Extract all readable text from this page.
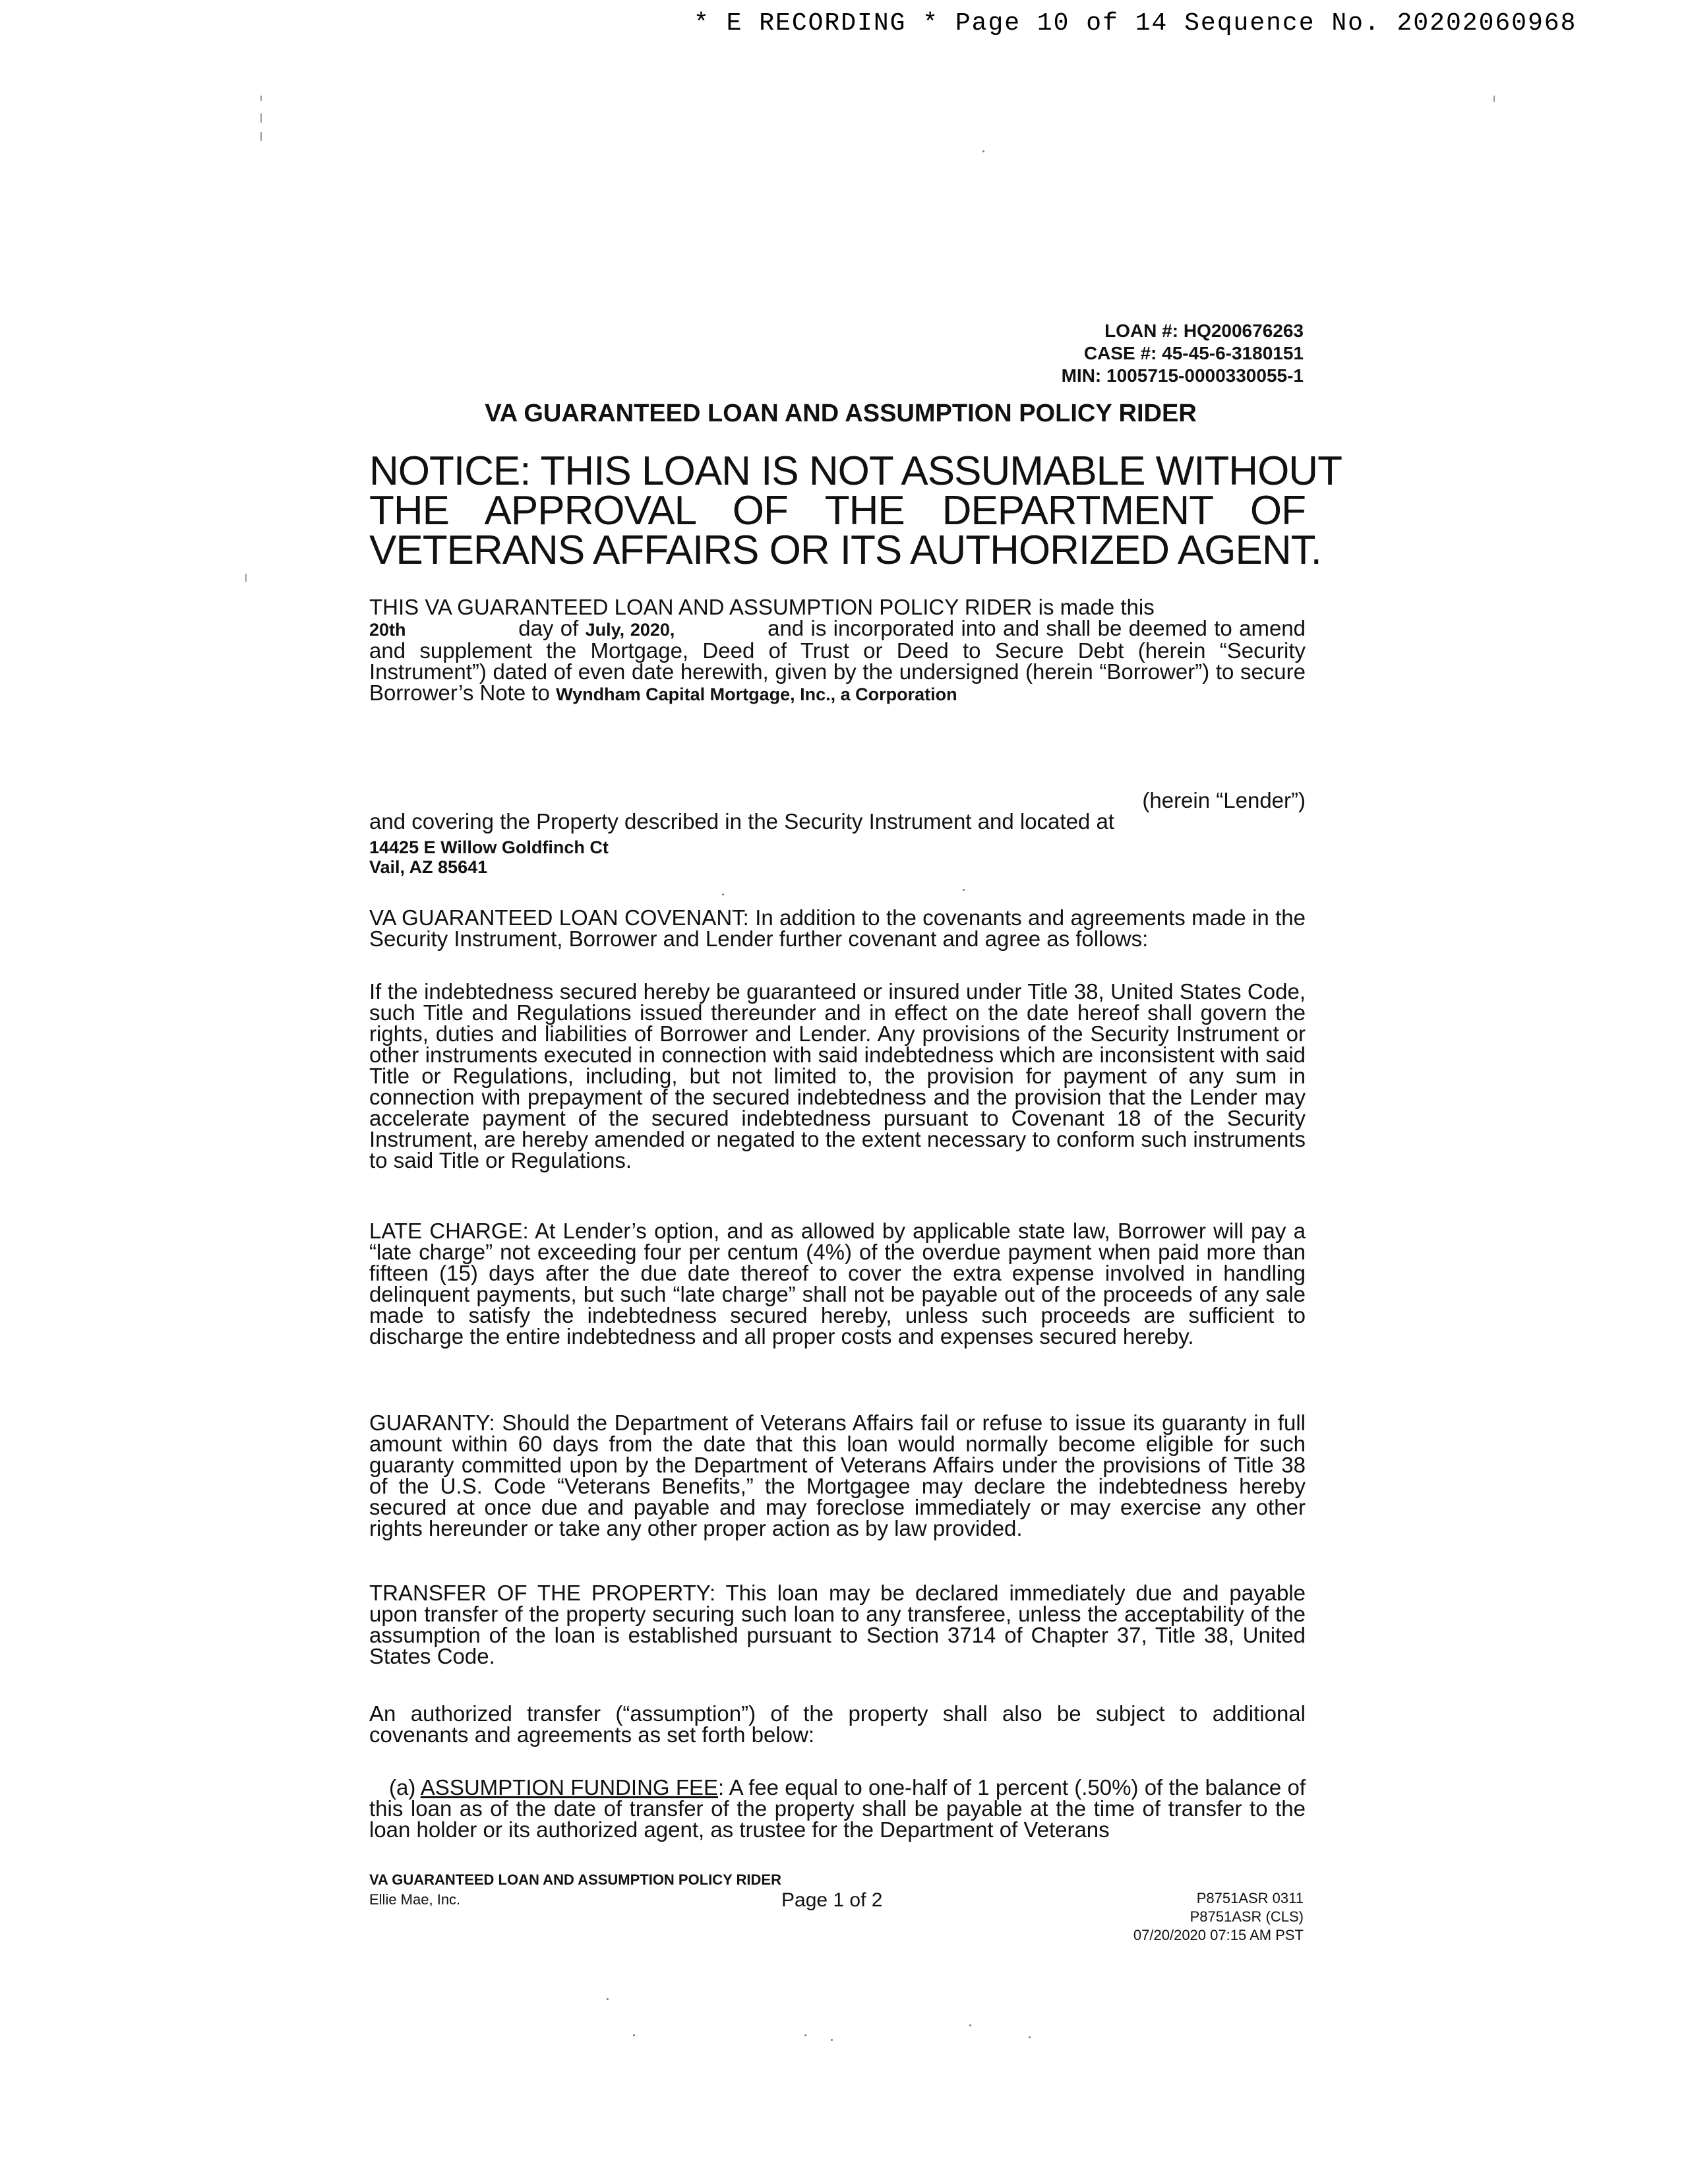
* E RECORDING * Page 10 of 14 Sequence No. 20202060968
LOAN #: HQ200676263
CASE #: 45-45-6-3180151
MIN: 1005715-0000330055-1
VA GUARANTEED LOAN AND ASSUMPTION POLICY RIDER
NOTICE: THIS LOAN IS NOT ASSUMABLE WITHOUT
THE APPROVAL OF THE DEPARTMENT OF
VETERANS AFFAIRS OR ITS AUTHORIZED AGENT.
THIS VA GUARANTEED LOAN AND ASSUMPTION POLICY RIDER is made this
20th	day of July, 2020,	and is incorporated into and shall be deemed to amend and supplement the Mortgage, Deed of Trust or Deed to Secure Debt (herein “Security Instrument”) dated of even date herewith, given by the undersigned (herein “Borrower”) to secure Borrower’s Note to Wyndham Capital Mortgage, Inc., a Corporation
(herein “Lender”)
and covering the Property described in the Security Instrument and located at
14425 E Willow Goldfinch Ct
Vail, AZ 85641
VA GUARANTEED LOAN COVENANT: In addition to the covenants and agreements made in the Security Instrument, Borrower and Lender further covenant and agree as follows:
If the indebtedness secured hereby be guaranteed or insured under Title 38, United States Code, such Title and Regulations issued thereunder and in effect on the date hereof shall govern the rights, duties and liabilities of Borrower and Lender. Any provisions of the Security Instrument or other instruments executed in connection with said indebtedness which are inconsistent with said Title or Regulations, including, but not limited to, the provision for payment of any sum in connection with prepayment of the secured indebtedness and the provision that the Lender may accelerate payment of the secured indebtedness pursuant to Covenant 18 of the Security Instrument, are hereby amended or negated to the extent necessary to conform such instruments to said Title or Regulations.
LATE CHARGE: At Lender’s option, and as allowed by applicable state law, Borrower will pay a “late charge” not exceeding four per centum (4%) of the overdue payment when paid more than fifteen (15) days after the due date thereof to cover the extra expense involved in handling delinquent payments, but such “late charge” shall not be payable out of the proceeds of any sale made to satisfy the indebtedness secured hereby, unless such proceeds are sufficient to discharge the entire indebtedness and all proper costs and expenses secured hereby.
GUARANTY: Should the Department of Veterans Affairs fail or refuse to issue its guaranty in full amount within 60 days from the date that this loan would normally become eligible for such guaranty committed upon by the Department of Veterans Affairs under the provisions of Title 38 of the U.S. Code “Veterans Benefits,” the Mortgagee may declare the indebtedness hereby secured at once due and payable and may foreclose immediately or may exercise any other rights hereunder or take any other proper action as by law provided.
TRANSFER OF THE PROPERTY: This loan may be declared immediately due and payable upon transfer of the property securing such loan to any transferee, unless the acceptability of the assumption of the loan is established pursuant to Section 3714 of Chapter 37, Title 38, United States Code.
An authorized transfer (“assumption”) of the property shall also be subject to additional covenants and agreements as set forth below:
(a) ASSUMPTION FUNDING FEE: A fee equal to one-half of 1 percent (.50%) of the balance of this loan as of the date of transfer of the property shall be payable at the time of transfer to the loan holder or its authorized agent, as trustee for the Department of Veterans
VA GUARANTEED LOAN AND ASSUMPTION POLICY RIDER
Ellie Mae, Inc.	Page 1 of 2	P8751ASR 0311
P8751ASR (CLS)
07/20/2020 07:15 AM PST
